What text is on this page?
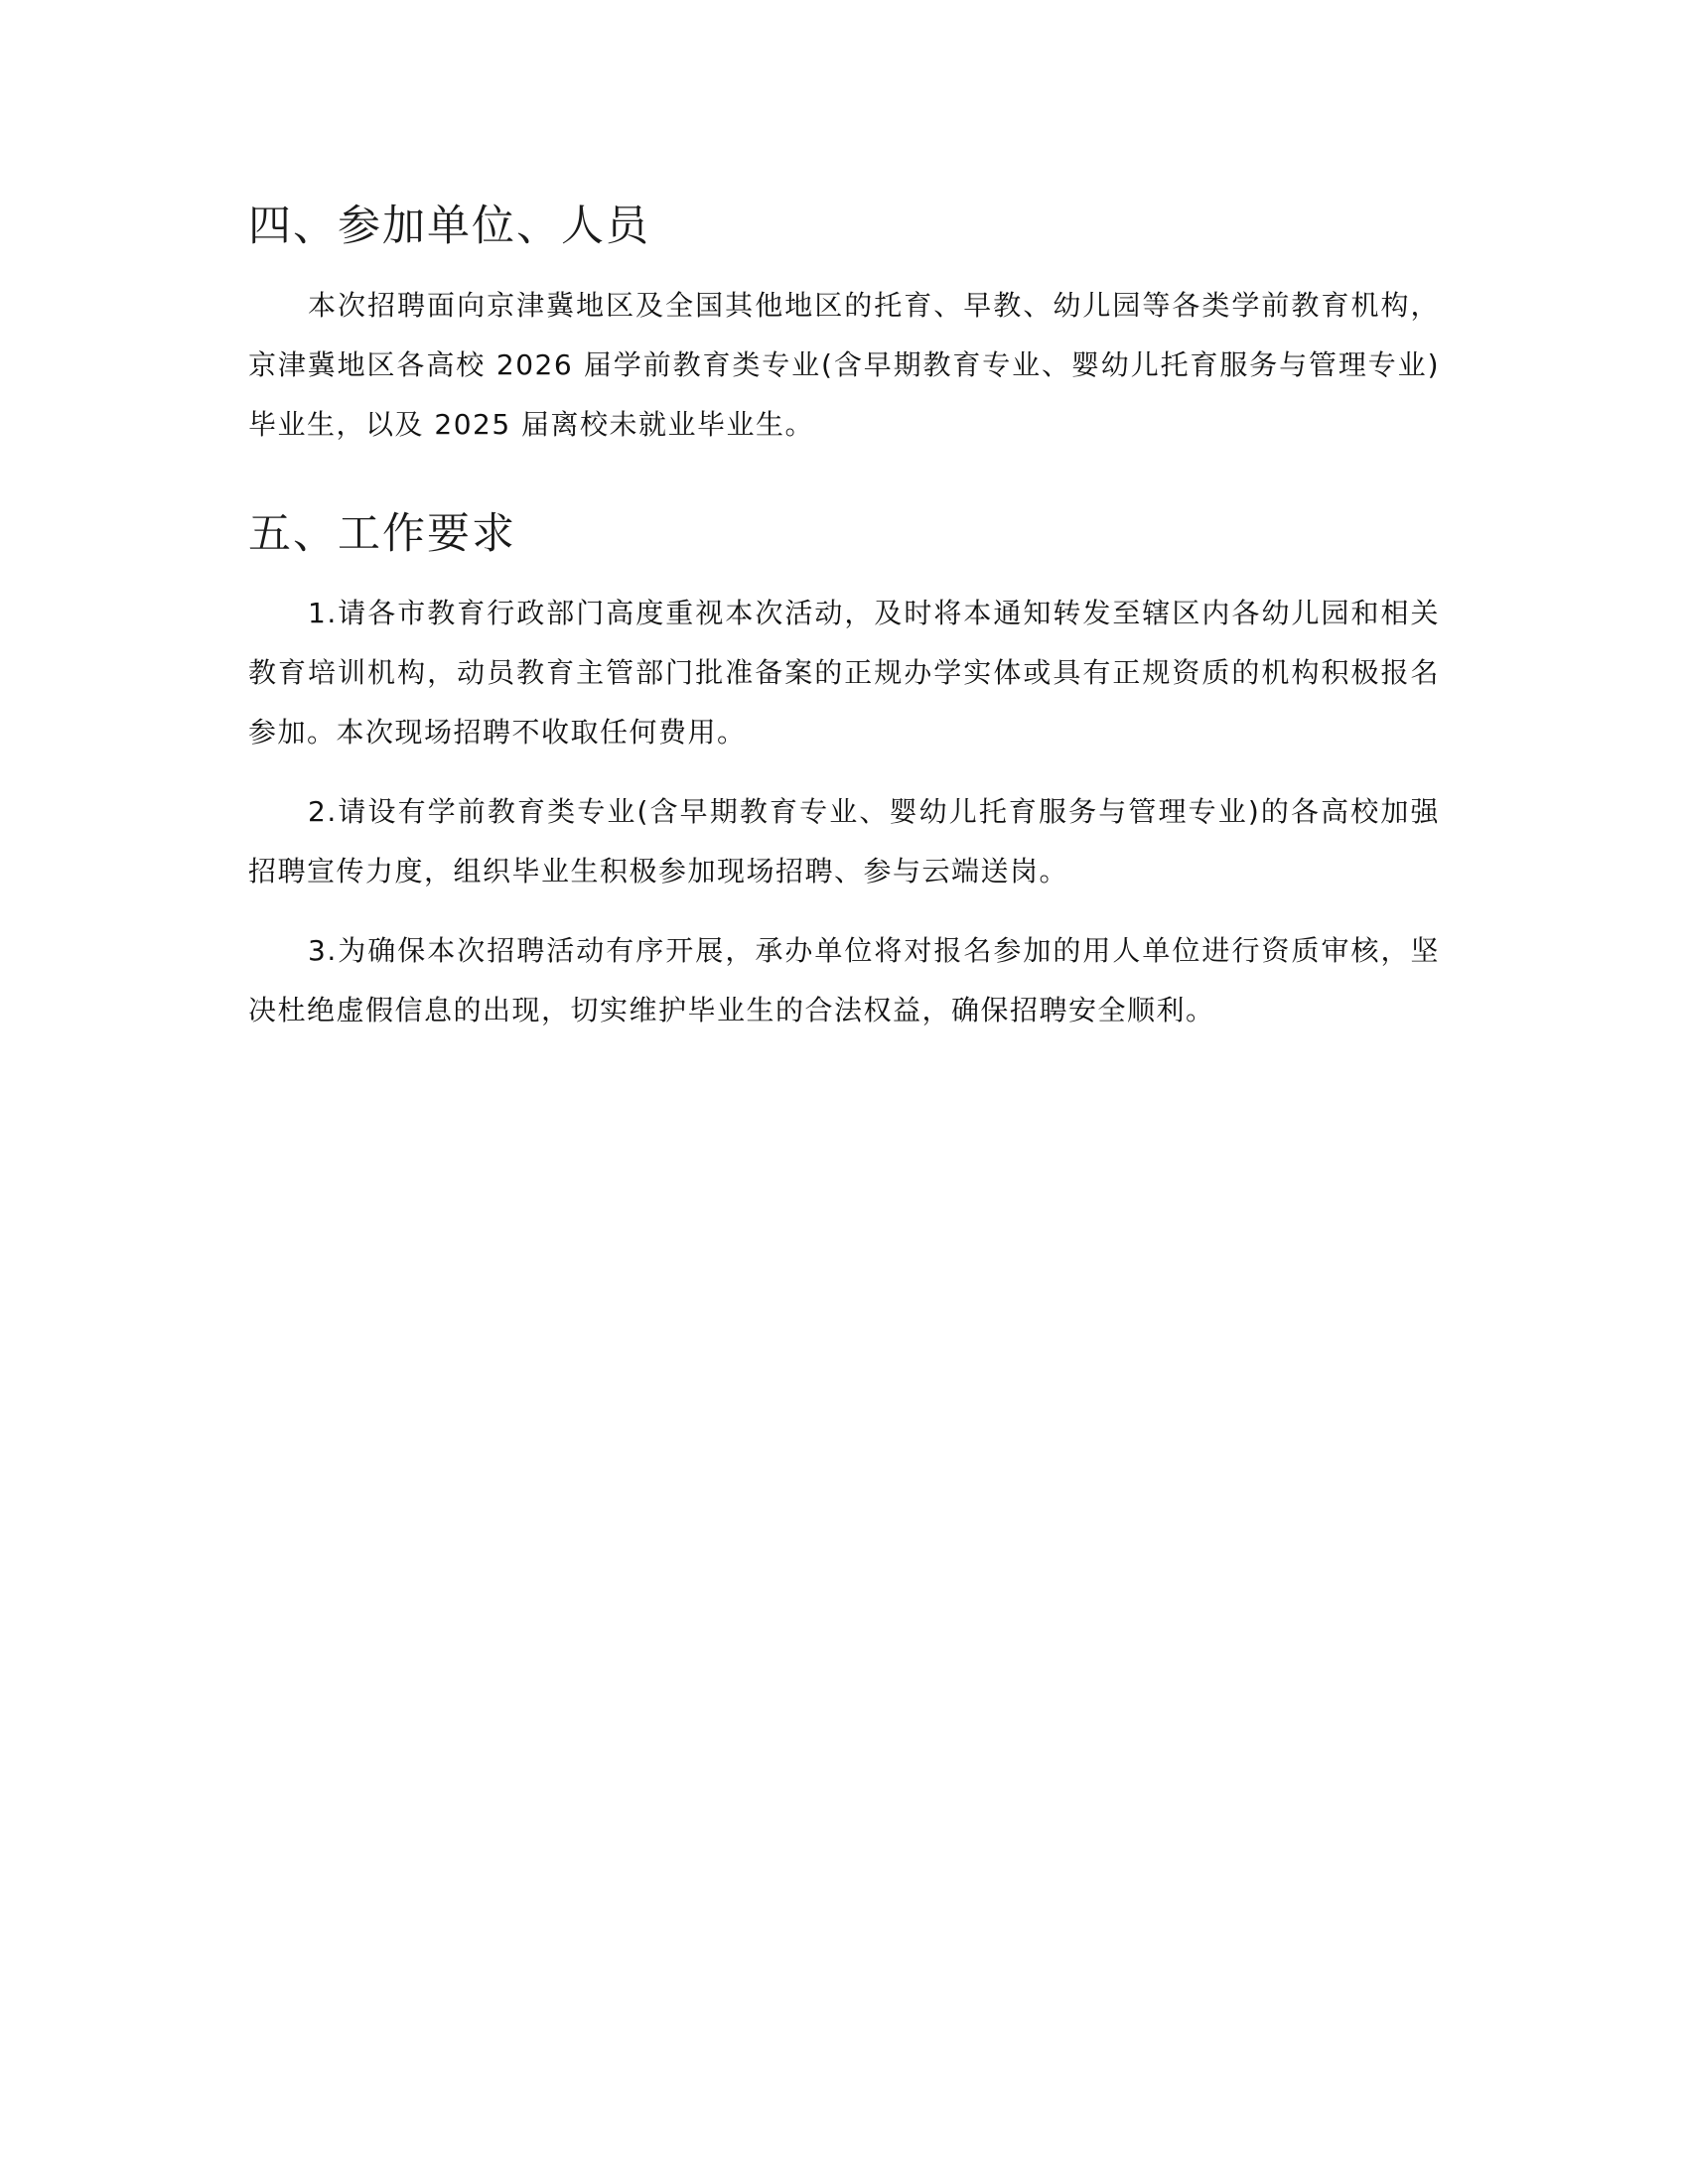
四、参加单位、人员

本次招聘面向京津冀地区及全国其他地区的托育、早教、幼儿园等各类学前教育机构，京津冀地区各高校 2026 届学前教育类专业(含早期教育专业、婴幼儿托育服务与管理专业)毕业生，以及 2025 届离校未就业毕业生。

五、工作要求

1.请各市教育行政部门高度重视本次活动，及时将本通知转发至辖区内各幼儿园和相关教育培训机构，动员教育主管部门批准备案的正规办学实体或具有正规资质的机构积极报名参加。本次现场招聘不收取任何费用。

2.请设有学前教育类专业(含早期教育专业、婴幼儿托育服务与管理专业)的各高校加强招聘宣传力度，组织毕业生积极参加现场招聘、参与云端送岗。

3.为确保本次招聘活动有序开展，承办单位将对报名参加的用人单位进行资质审核，坚决杜绝虚假信息的出现，切实维护毕业生的合法权益，确保招聘安全顺利。
